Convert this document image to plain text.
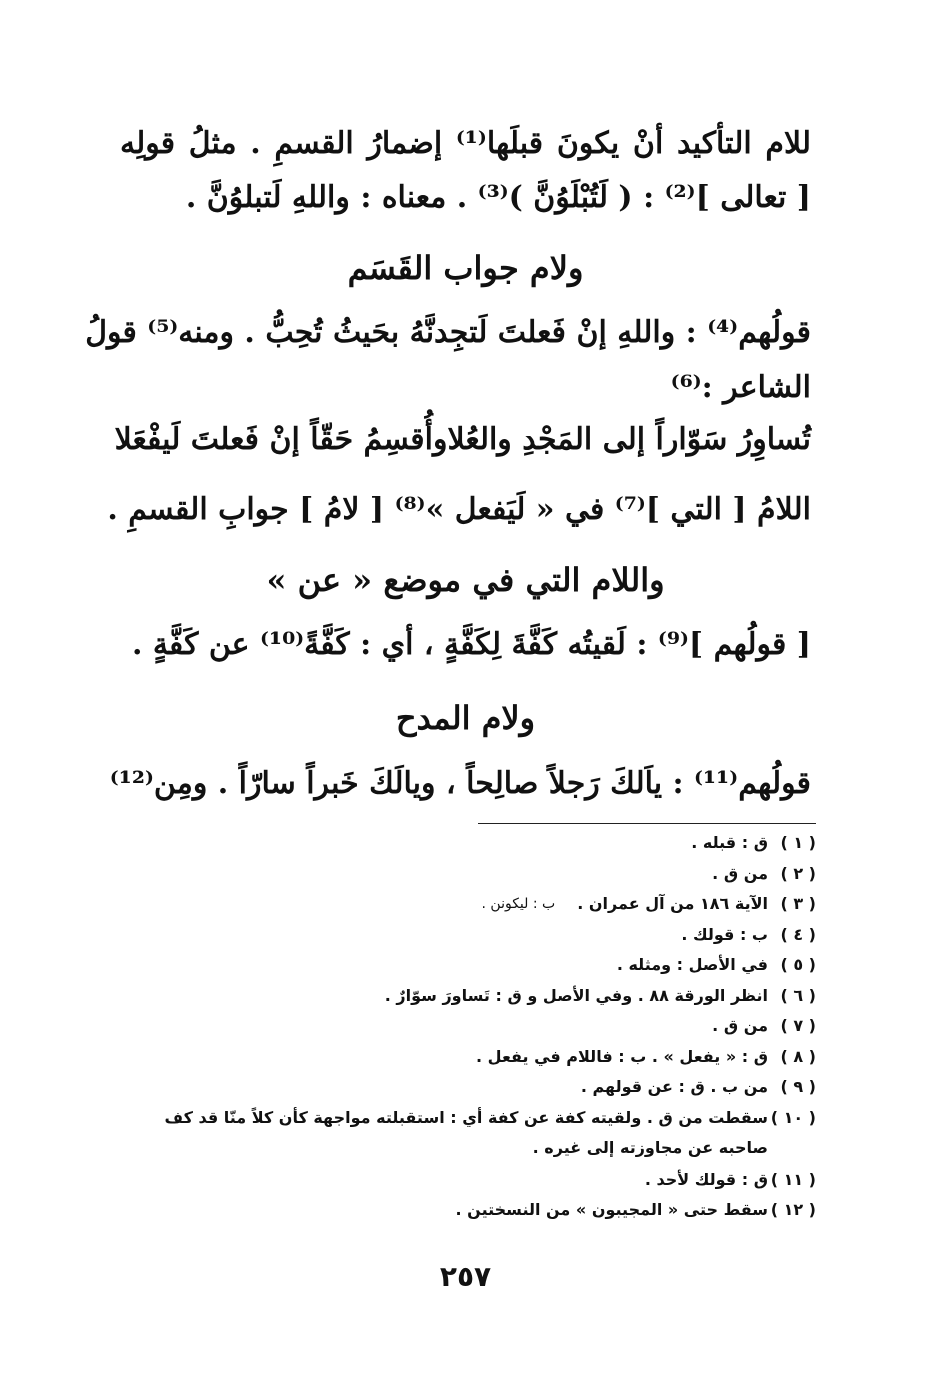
للام التأكيد أنْ يكونَ قبلَها⁽¹⁾ إضمارُ القسمِ . مثلُ قولِه
[ تعالى ]⁽²⁾ : ( لَتُبْلَوُنَّ )⁽³⁾ . معناه : واللهِ لَتبلوُنَّ .
ولام جواب القَسَم
قولُهم⁽⁴⁾ : واللهِ إنْ فَعلتَ لَتجِدنَّهُ بحَيثُ تُحِبُّ . ومنه⁽⁵⁾ قولُ
الشاعر :⁽⁶⁾
تُساوِرُ سَوّاراً إلى المَجْدِ والعُلا
وأُقسِمُ حَقّاً إنْ فَعلتَ لَيفْعَلا
اللامُ [ التي ]⁽⁷⁾ في « لَيَفعل »⁽⁸⁾ [ لامُ ] جوابِ القسمِ .
واللام التي في موضع « عن »
[ قولُهم ]⁽⁹⁾ : لَقيتُه كَفَّةَ لِكَفَّةٍ ، أي : كَفَّةً⁽¹⁰⁾ عن كَفَّةٍ .
ولام المدح
قولُهم⁽¹¹⁾ : ياَلكَ رَجلاً صالِحاً ، ويالَكَ خَبراً سارّاً . ومِن⁽¹²⁾
( ١ )
ق : قبله .
( ٢ )
من ق .
( ٣ )
الآية ١٨٦ من آل عمران .
ب : ليكونن .
( ٤ )
ب : قولك .
( ٥ )
في الأصل : ومثله .
( ٦ )
انظر الورقة ٨٨ . وفي الأصل و ق : تَساورَ سوّارٌ .
( ٧ )
من ق .
( ٨ )
ق : « يفعل » . ب : فاللام في يفعل .
( ٩ )
من ب . ق : عن قولهم .
( ١٠ )
سقطت من ق . ولقيته كفة عن كفة أي : استقبلته مواجهة كأن كلاً منّا قد كف صاحبه عن مجاوزته إلى غيره .
( ١١ )
ق : قولك لأحد .
( ١٢ )
سقط حتى « المجيبون » من النسختين .
٢٥٧
